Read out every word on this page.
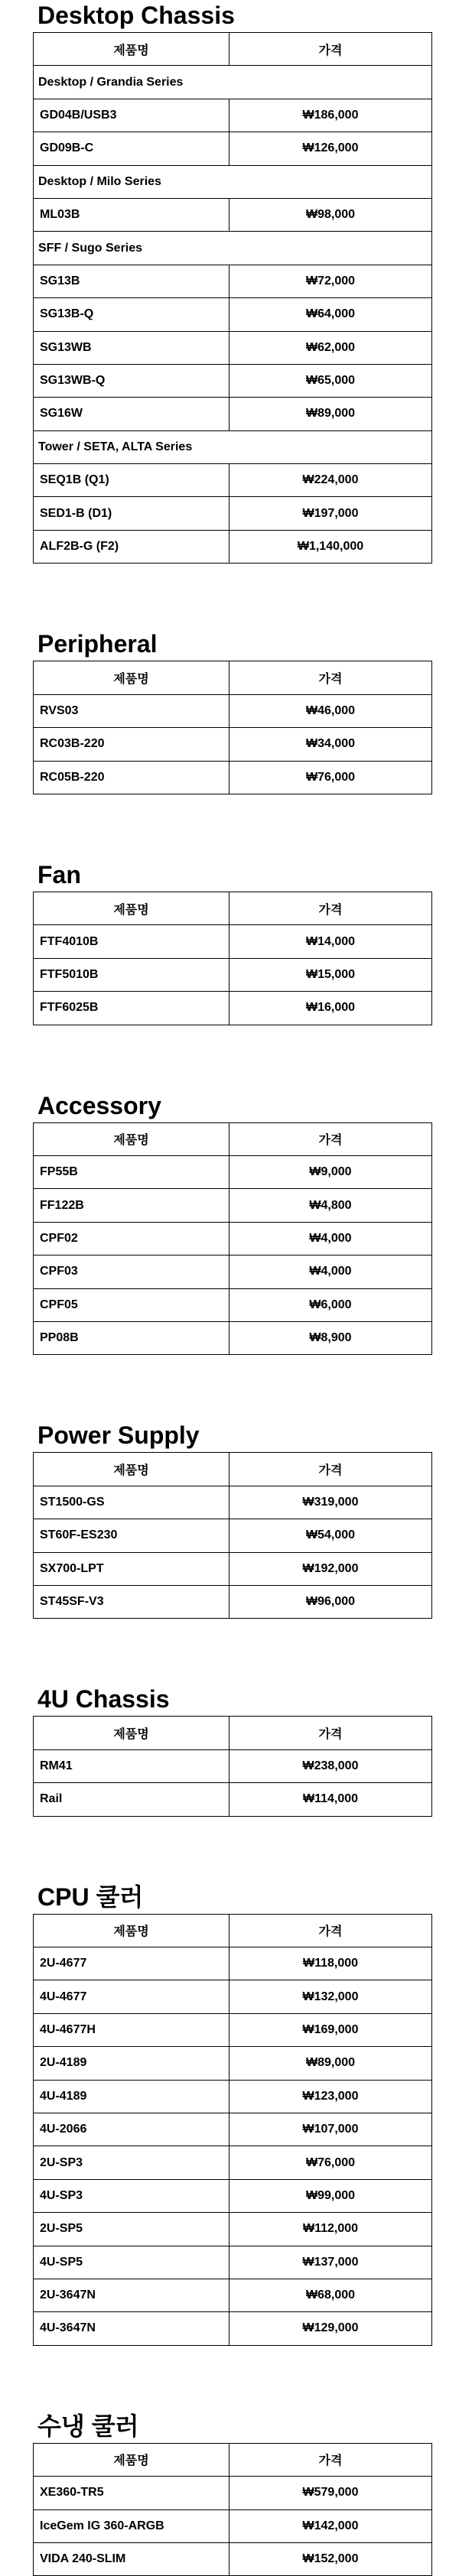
Desktop Chassis
제품명	가격
Desktop / Grandia Series	
GD04B/USB3	₩186,000
GD09B-C	₩126,000
Desktop / Milo Series	
ML03B	₩98,000
SFF / Sugo Series	
SG13B	₩72,000
SG13B-Q	₩64,000
SG13WB	₩62,000
SG13WB-Q	₩65,000
SG16W	₩89,000
Tower / SETA, ALTA Series	
SEQ1B (Q1)	₩224,000
SED1-B (D1)	₩197,000
ALF2B-G (F2)	₩1,140,000
Peripheral
제품명	가격
RVS03	₩46,000
RC03B-220	₩34,000
RC05B-220	₩76,000
Fan
제품명	가격
FTF4010B	₩14,000
FTF5010B	₩15,000
FTF6025B	₩16,000
Accessory
제품명	가격
FP55B	₩9,000
FF122B	₩4,800
CPF02	₩4,000
CPF03	₩4,000
CPF05	₩6,000
PP08B	₩8,900
Power Supply
제품명	가격
ST1500-GS	₩319,000
ST60F-ES230	₩54,000
SX700-LPT	₩192,000
ST45SF-V3	₩96,000
4U Chassis
제품명	가격
RM41	₩238,000
Rail	₩114,000
CPU 쿨러
제품명	가격
2U-4677	₩118,000
4U-4677	₩132,000
4U-4677H	₩169,000
2U-4189	₩89,000
4U-4189	₩123,000
4U-2066	₩107,000
2U-SP3	₩76,000
4U-SP3	₩99,000
2U-SP5	₩112,000
4U-SP5	₩137,000
2U-3647N	₩68,000
4U-3647N	₩129,000
수냉 쿨러
제품명	가격
XE360-TR5	₩579,000
IceGem IG 360-ARGB	₩142,000
VIDA 240-SLIM	₩152,000
